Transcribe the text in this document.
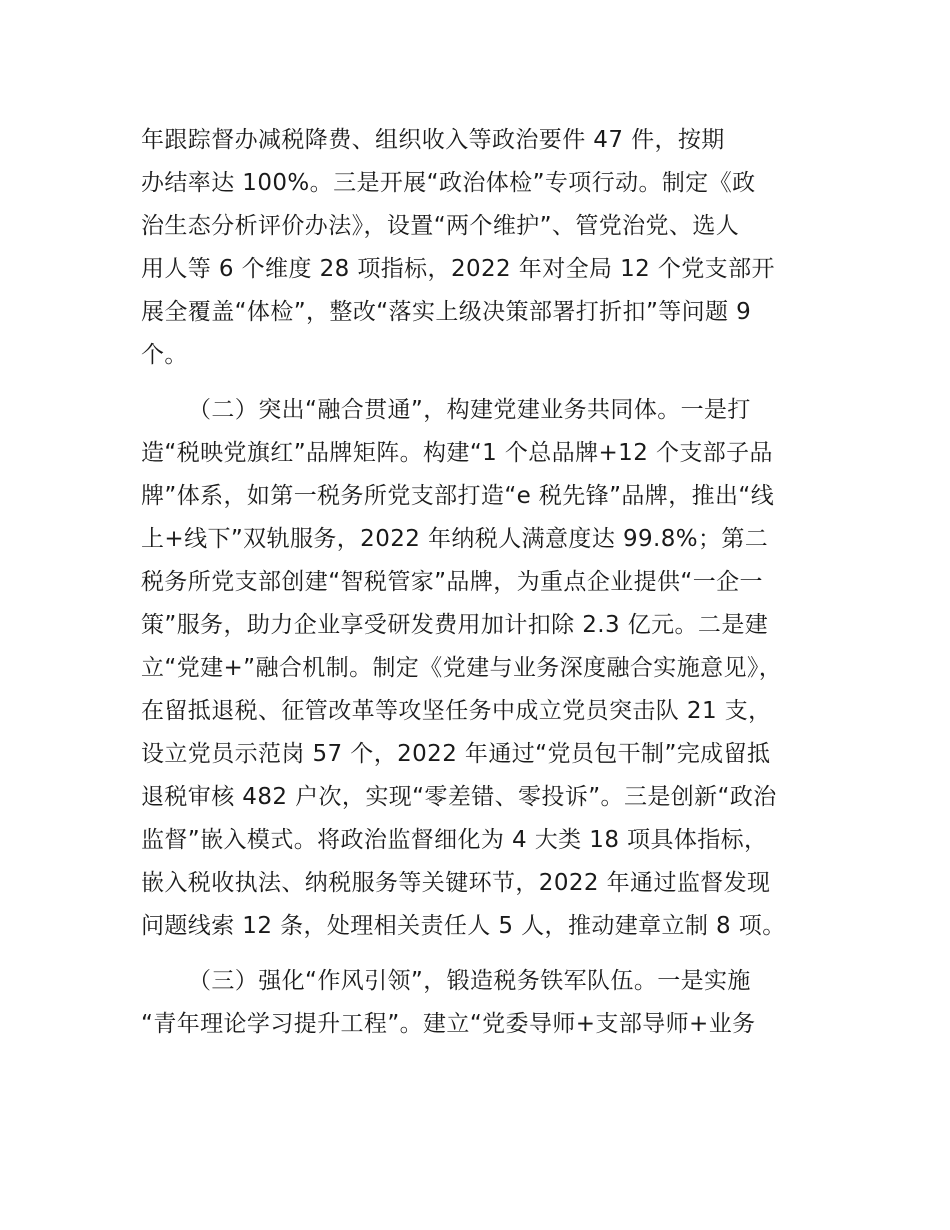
年跟踪督办减税降费、组织收入等政治要件 47 件，按期
办结率达 100%。三是开展“政治体检”专项行动。制定《政
治生态分析评价办法》，设置“两个维护”、管党治党、选人
用人等 6 个维度 28 项指标，2022 年对全局 12 个党支部开
展全覆盖“体检”，整改“落实上级决策部署打折扣”等问题 9
个。
（二）突出“融合贯通”，构建党建业务共同体。一是打
造“税映党旗红”品牌矩阵。构建“1 个总品牌+12 个支部子品
牌”体系，如第一税务所党支部打造“e 税先锋”品牌，推出“线
上+线下”双轨服务，2022 年纳税人满意度达 99.8%；第二
税务所党支部创建“智税管家”品牌，为重点企业提供“一企一
策”服务，助力企业享受研发费用加计扣除 2.3 亿元。二是建
立“党建+”融合机制。制定《党建与业务深度融合实施意见》，
在留抵退税、征管改革等攻坚任务中成立党员突击队 21 支，
设立党员示范岗 57 个，2022 年通过“党员包干制”完成留抵
退税审核 482 户次，实现“零差错、零投诉”。三是创新“政治
监督”嵌入模式。将政治监督细化为 4 大类 18 项具体指标，
嵌入税收执法、纳税服务等关键环节，2022 年通过监督发现
问题线索 12 条，处理相关责任人 5 人，推动建章立制 8 项。
（三）强化“作风引领”，锻造税务铁军队伍。一是实施
“青年理论学习提升工程”。建立“党委导师+支部导师+业务
